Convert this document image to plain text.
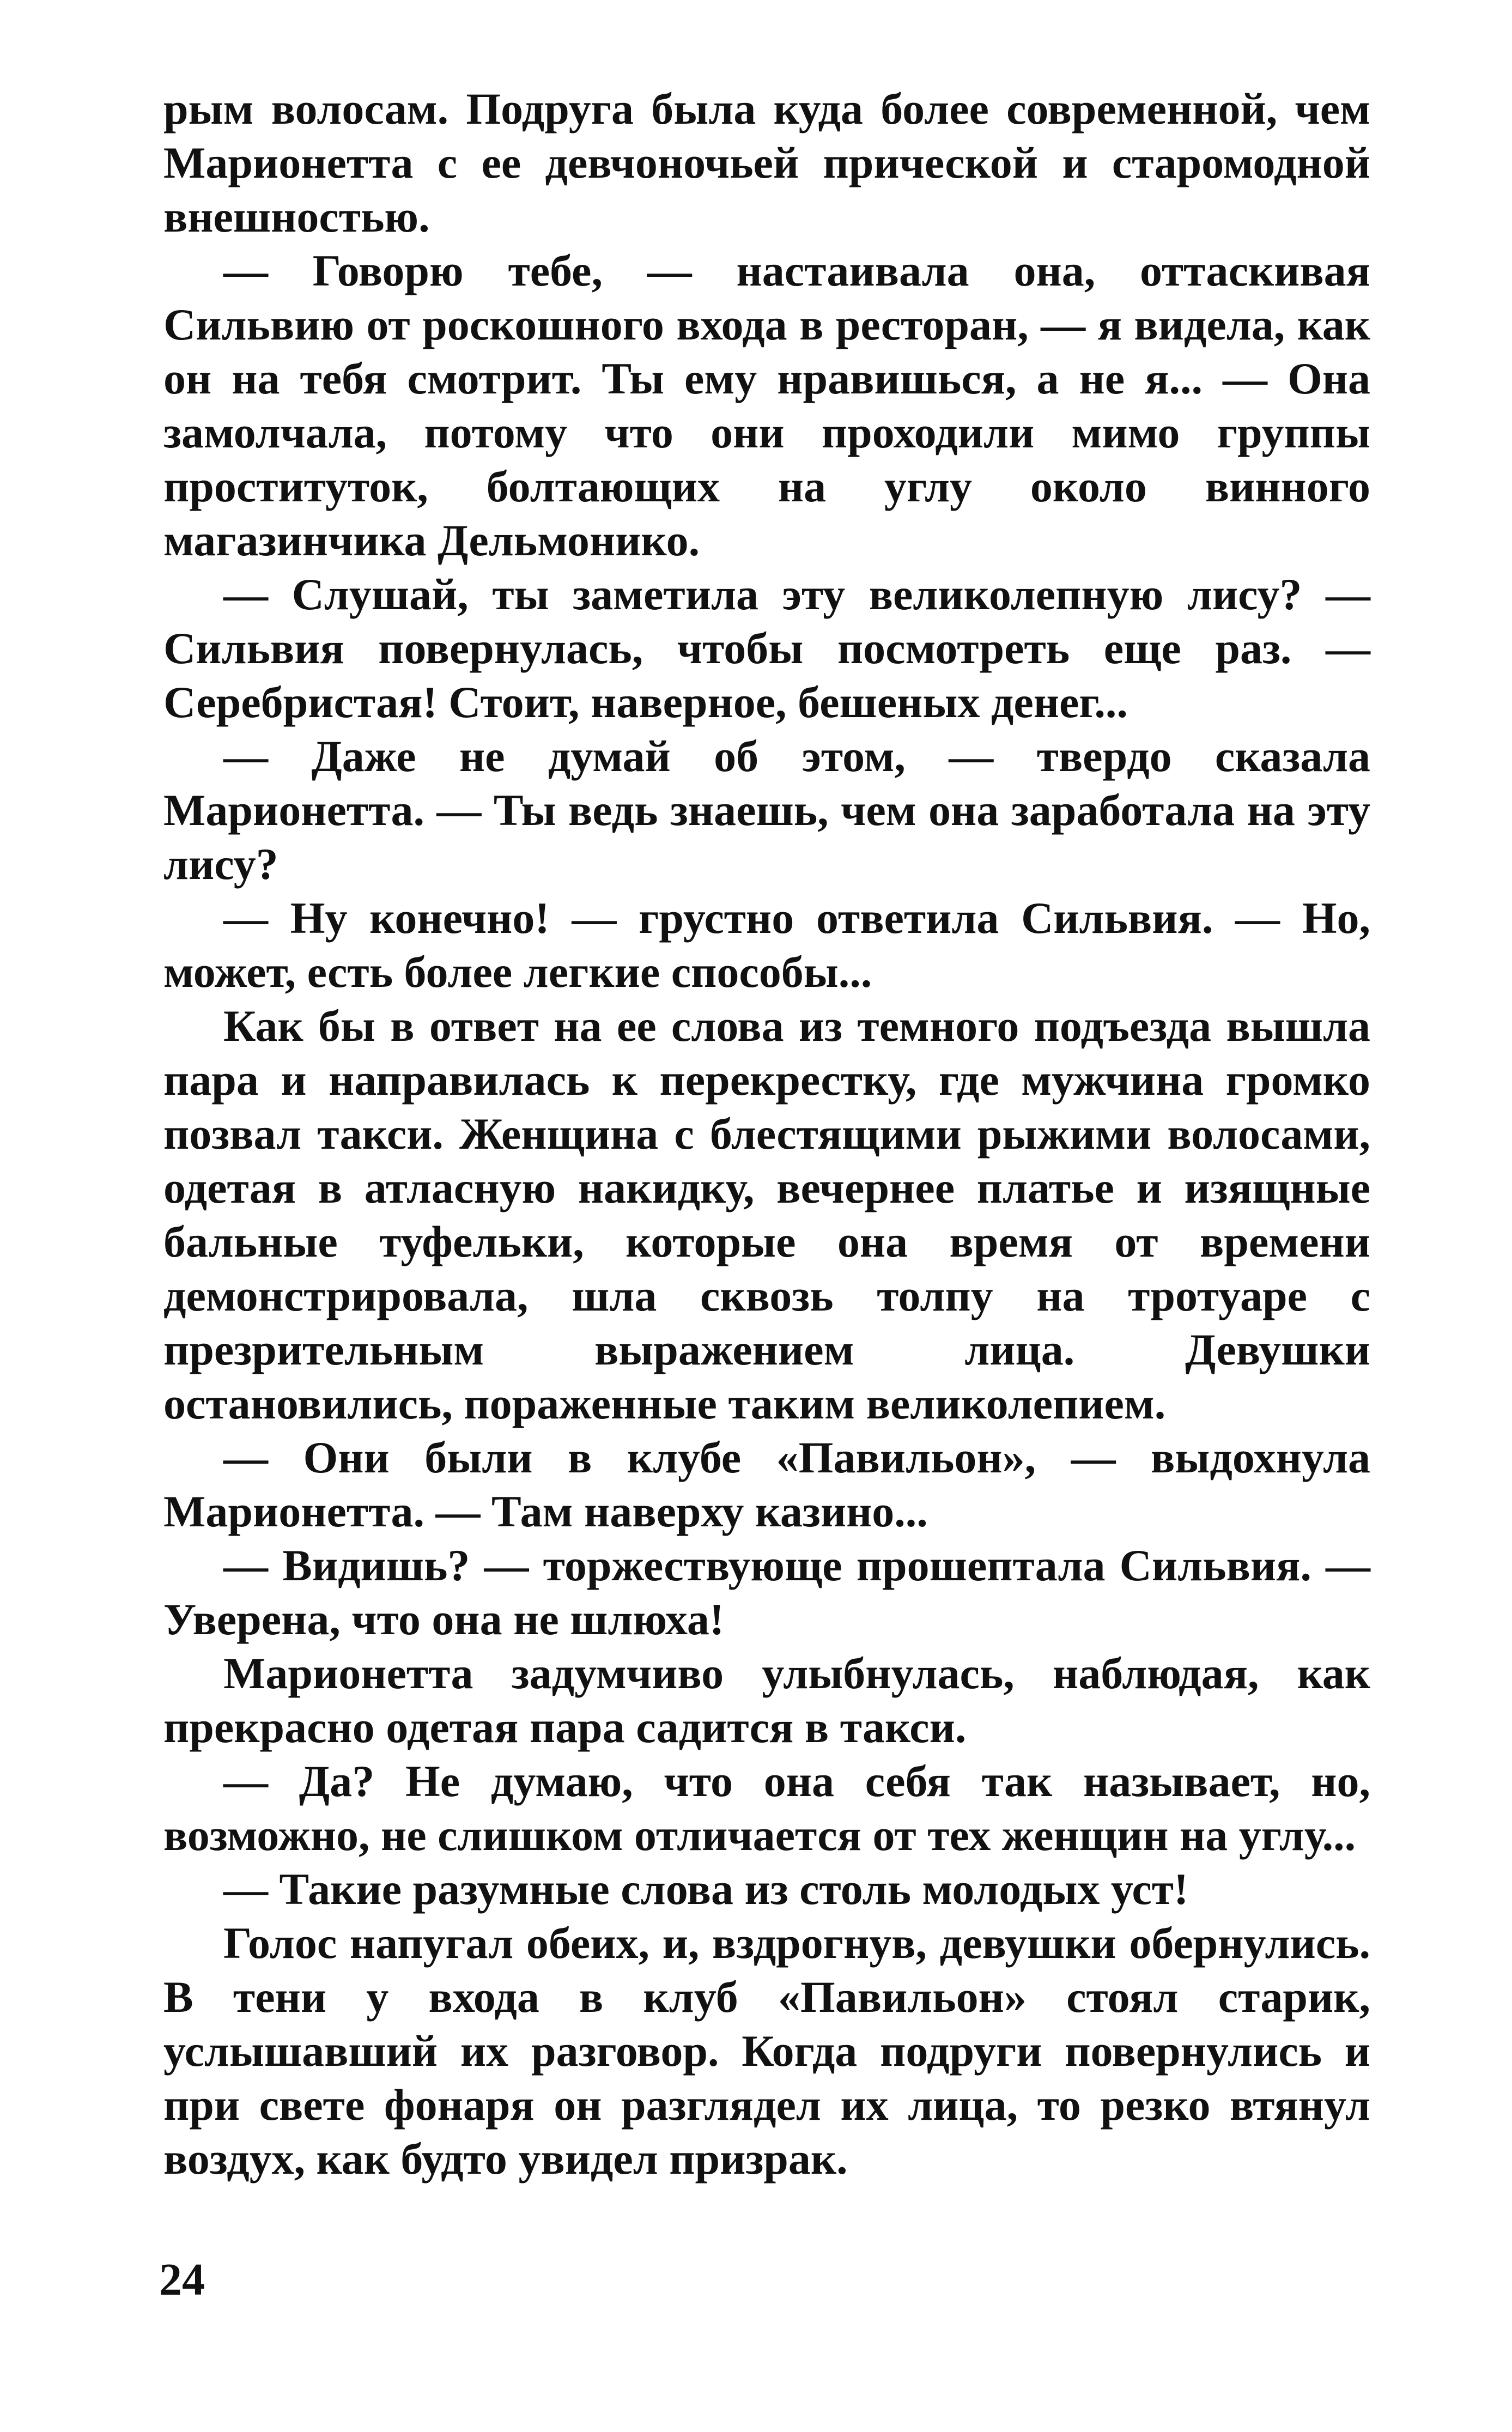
рым волосам. Подруга была куда более современной, чем Марионетта с ее девчоночьей прической и старомодной внешностью.

— Говорю тебе, — настаивала она, оттаскивая Сильвию от роскошного входа в ресторан, — я видела, как он на тебя смотрит. Ты ему нравишься, а не я... — Она замолчала, потому что они проходили мимо группы проституток, болтающих на углу около винного магазинчика Дельмонико.

— Слушай, ты заметила эту великолепную лису? — Сильвия повернулась, чтобы посмотреть еще раз. — Серебристая! Стоит, наверное, бешеных денег...

— Даже не думай об этом, — твердо сказала Марионетта. — Ты ведь знаешь, чем она заработала на эту лису?

— Ну конечно! — грустно ответила Сильвия. — Но, может, есть более легкие способы...

Как бы в ответ на ее слова из темного подъезда вышла пара и направилась к перекрестку, где мужчина громко позвал такси. Женщина с блестящими рыжими волосами, одетая в атласную накидку, вечернее платье и изящные бальные туфельки, которые она время от времени демонстрировала, шла сквозь толпу на тротуаре с презрительным выражением лица. Девушки остановились, пораженные таким великолепием.

— Они были в клубе «Павильон», — выдохнула Марионетта. — Там наверху казино...

— Видишь? — торжествующе прошептала Сильвия. — Уверена, что она не шлюха!

Марионетта задумчиво улыбнулась, наблюдая, как прекрасно одетая пара садится в такси.

— Да? Не думаю, что она себя так называет, но, возможно, не слишком отличается от тех женщин на углу...

— Такие разумные слова из столь молодых уст!

Голос напугал обеих, и, вздрогнув, девушки обернулись. В тени у входа в клуб «Павильон» стоял старик, услышавший их разговор. Когда подруги повернулись и при свете фонаря он разглядел их лица, то резко втянул воздух, как будто увидел призрак.

24
